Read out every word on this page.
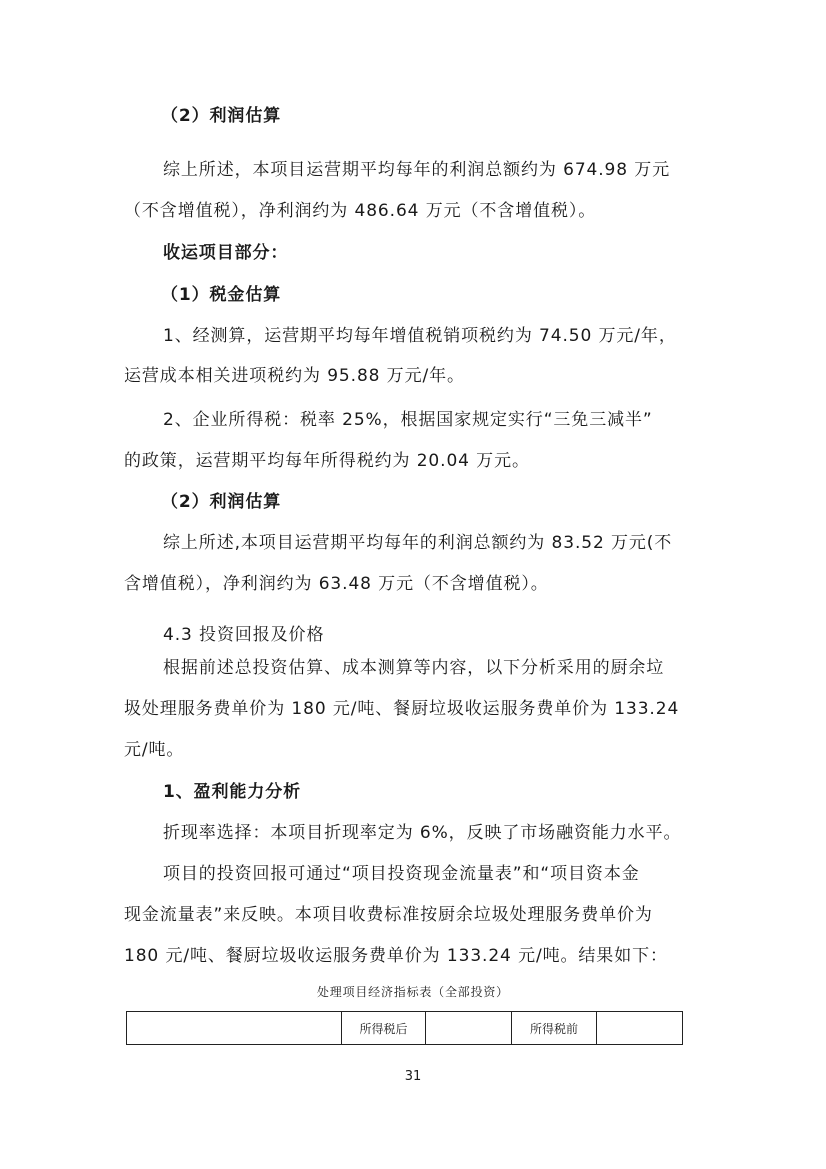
（2）利润估算
综上所述，本项目运营期平均每年的利润总额约为 674.98 万元
（不含增值税），净利润约为 486.64 万元（不含增值税）。
收运项目部分：
（1）税金估算
1、经测算，运营期平均每年增值税销项税约为 74.50 万元/年，
运营成本相关进项税约为 95.88 万元/年。
2、企业所得税：税率 25%，根据国家规定实行“三免三减半”
的政策，运营期平均每年所得税约为 20.04 万元。
（2）利润估算
综上所述,本项目运营期平均每年的利润总额约为 83.52 万元(不
含增值税），净利润约为 63.48 万元（不含增值税）。
4.3 投资回报及价格
根据前述总投资估算、成本测算等内容，以下分析采用的厨余垃
圾处理服务费单价为 180 元/吨、餐厨垃圾收运服务费单价为 133.24
元/吨。
1、盈利能力分析
折现率选择：本项目折现率定为 6%，反映了市场融资能力水平。
项目的投资回报可通过“项目投资现金流量表”和“项目资本金
现金流量表”来反映。本项目收费标准按厨余垃圾处理服务费单价为
180 元/吨、餐厨垃圾收运服务费单价为 133.24 元/吨。结果如下：
处理项目经济指标表（全部投资）
	所得税后		所得税前	
31
